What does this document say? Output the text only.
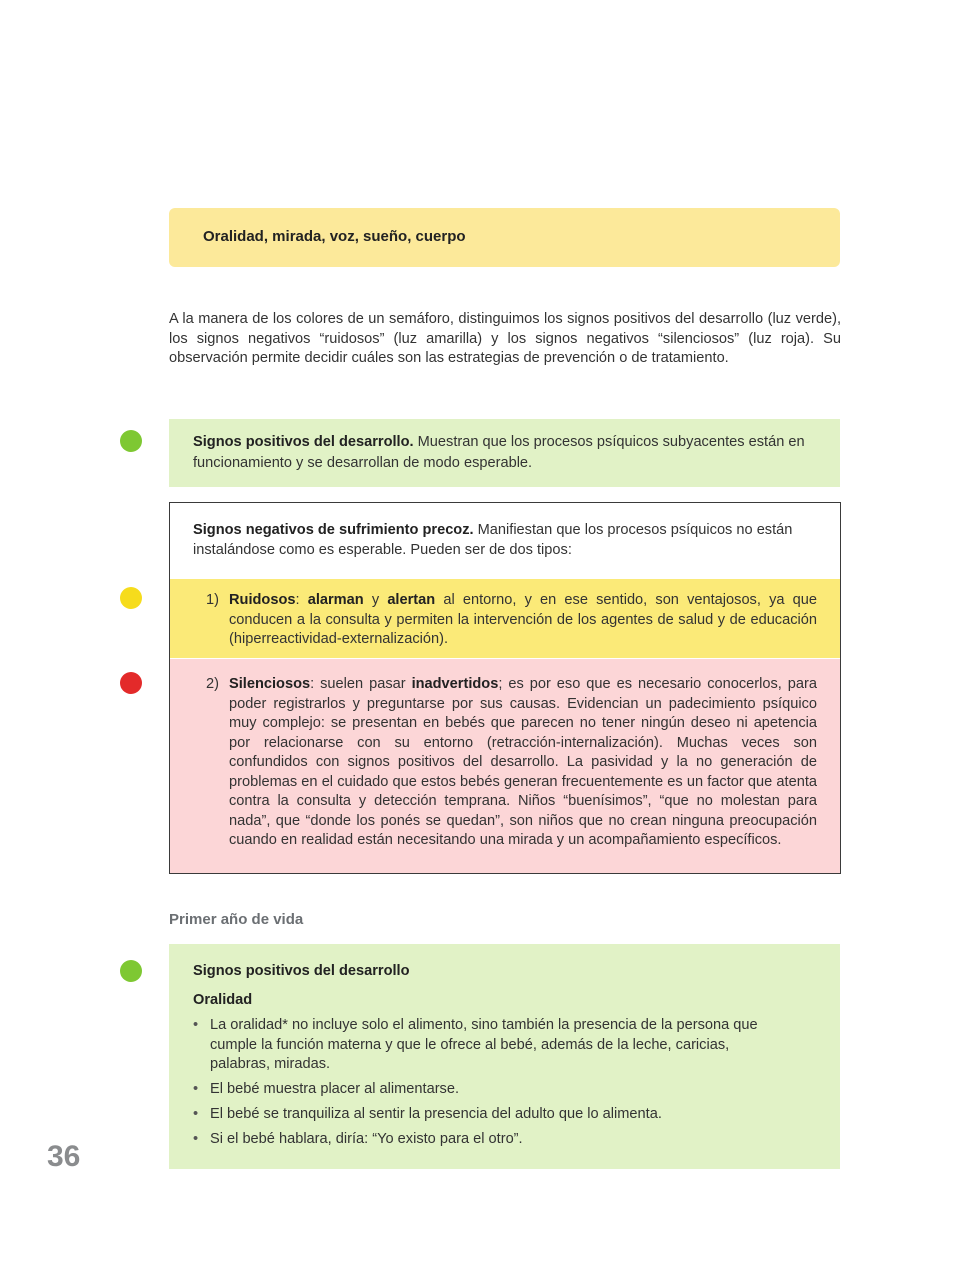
Oralidad, mirada, voz, sueño, cuerpo
A la manera de los colores de un semáforo, distinguimos los signos positivos del desarrollo (luz verde), los signos negativos “ruidosos” (luz amarilla) y los signos negativos “silenciosos” (luz roja). Su observación permite decidir cuáles son las estrategias de prevención o de tratamiento.
Signos positivos del desarrollo. Muestran que los procesos psíquicos subyacentes están en funcionamiento y se desarrollan de modo esperable.
Signos negativos de sufrimiento precoz. Manifiestan que los procesos psíquicos no están instalándose como es esperable. Pueden ser de dos tipos:
1) Ruidosos: alarman y alertan al entorno, y en ese sentido, son ventajosos, ya que conducen a la consulta y permiten la intervención de los agentes de salud y de educación (hiperreactividad-externalización).
2) Silenciosos: suelen pasar inadvertidos; es por eso que es necesario conocerlos, para poder registrarlos y preguntarse por sus causas. Evidencian un padecimiento psíquico muy complejo: se presentan en bebés que parecen no tener ningún deseo ni apetencia por relacionarse con su entorno (retracción-internalización). Muchas veces son confundidos con signos positivos del desarrollo. La pasividad y la no generación de problemas en el cuidado que estos bebés generan frecuentemente es un factor que atenta contra la consulta y detección temprana. Niños “buenísimos”, “que no molestan para nada”, que “donde los ponés se quedan”, son niños que no crean ninguna preocupación cuando en realidad están necesitando una mirada y un acompañamiento específicos.
Primer año de vida
Signos positivos del desarrollo
Oralidad
• La oralidad* no incluye solo el alimento, sino también la presencia de la persona que cumple la función materna y que le ofrece al bebé, además de la leche, caricias, palabras, miradas.
• El bebé muestra placer al alimentarse.
• El bebé se tranquiliza al sentir la presencia del adulto que lo alimenta.
• Si el bebé hablara, diría: “Yo existo para el otro”.
36
